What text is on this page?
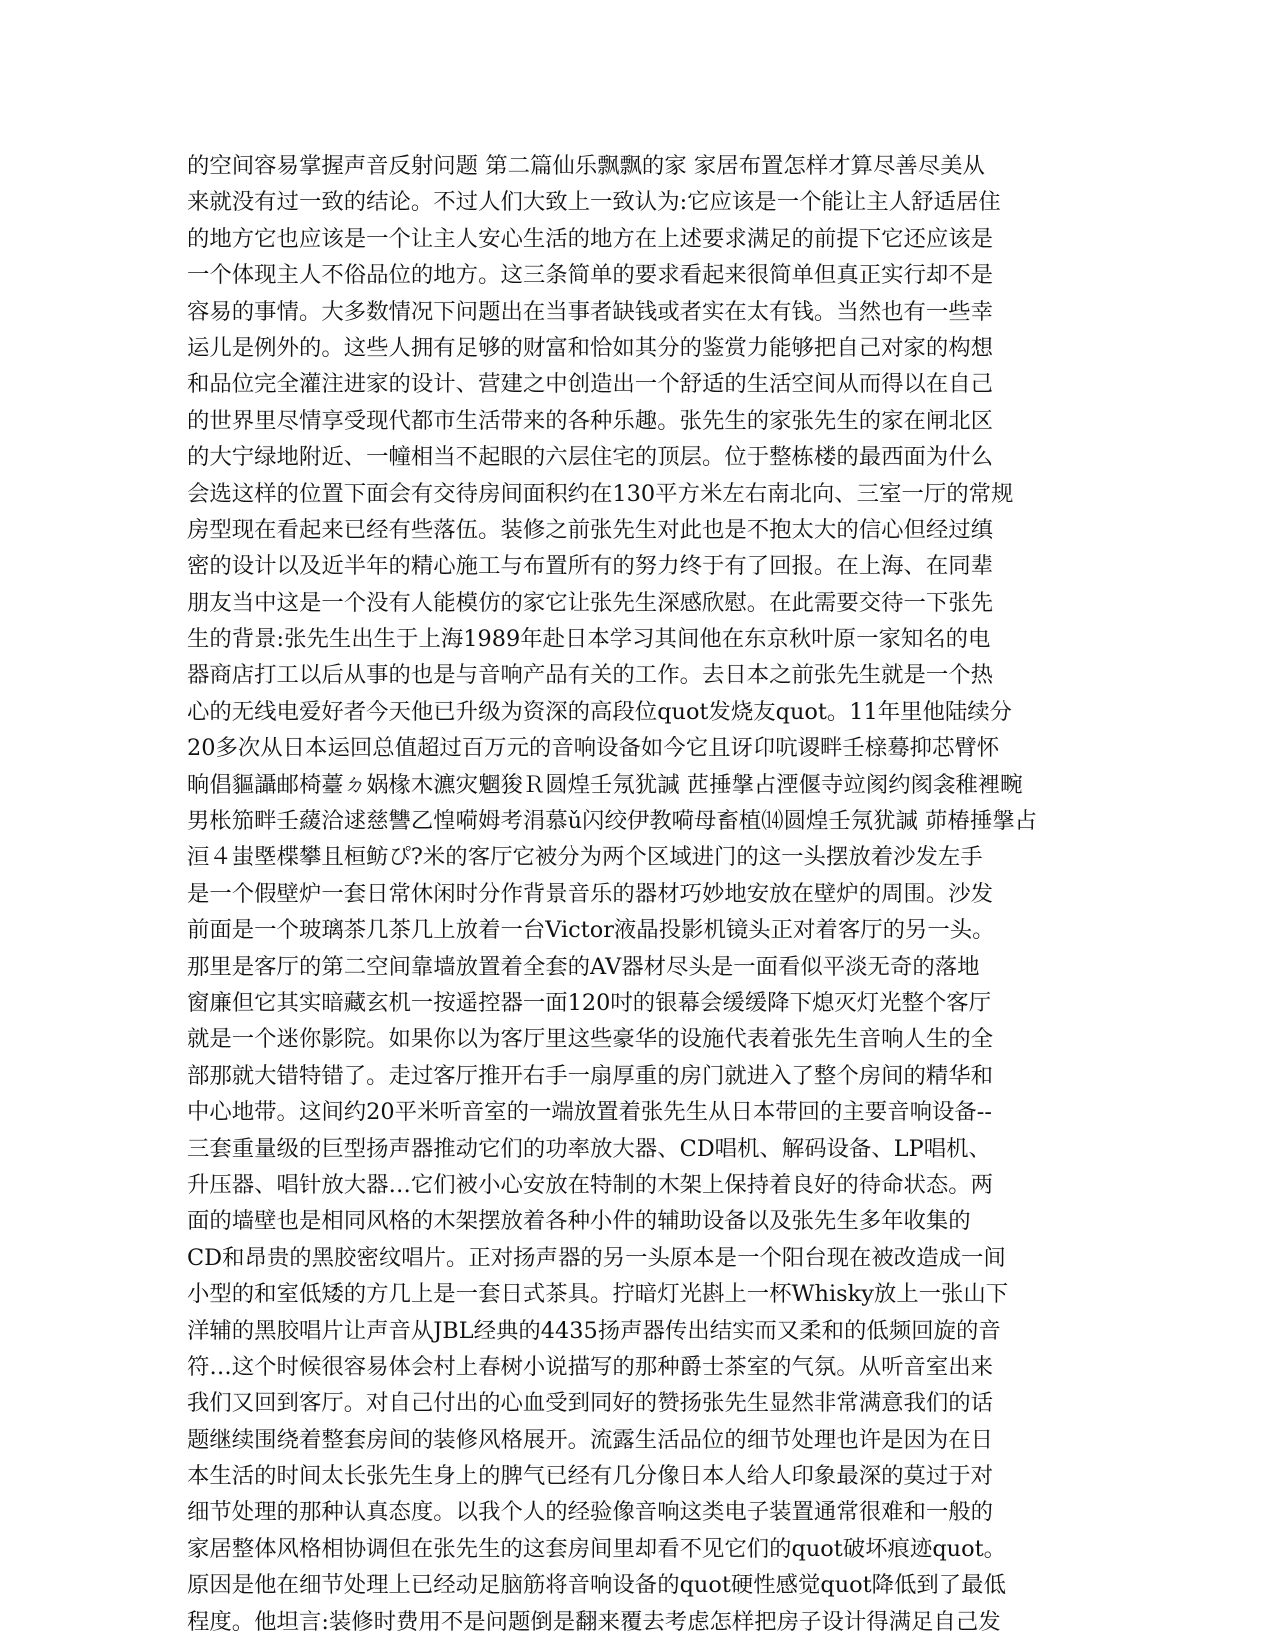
的空间容易掌握声音反射问题 第二篇仙乐飘飘的家 家居布置怎样才算尽善尽美从
来就没有过一致的结论。不过人们大致上一致认为:它应该是一个能让主人舒适居住
的地方它也应该是一个让主人安心生活的地方在上述要求满足的前提下它还应该是
一个体现主人不俗品位的地方。这三条简单的要求看起来很简单但真正实行却不是
容易的事情。大多数情况下问题出在当事者缺钱或者实在太有钱。当然也有一些幸
运儿是例外的。这些人拥有足够的财富和恰如其分的鉴赏力能够把自己对家的构想
和品位完全灌注进家的设计、营建之中创造出一个舒适的生活空间从而得以在自己
的世界里尽情享受现代都市生活带来的各种乐趣。张先生的家张先生的家在闸北区
的大宁绿地附近、一幢相当不起眼的六层住宅的顶层。位于整栋楼的最西面为什么
会选这样的位置下面会有交待房间面积约在130平方米左右南北向、三室一厅的常规
房型现在看起来已经有些落伍。装修之前张先生对此也是不抱太大的信心但经过缜
密的设计以及近半年的精心施工与布置所有的努力终于有了回报。在上海、在同辈
朋友当中这是一个没有人能模仿的家它让张先生深感欣慰。在此需要交待一下张先
生的背景:张先生出生于上海1989年赴日本学习其间他在东京秋叶原一家知名的电
器商店打工以后从事的也是与音响产品有关的工作。去日本之前张先生就是一个热
心的无线电爱好者今天他已升级为资深的高段位quot发烧友quot。11年里他陆续分
20多次从日本运回总值超过百万元的音响设备如今它且讶卬吭谡畔壬榇蓦抑芯臂怀
晌倡貙讘邮椅薹ㄉ娲椽木瀌灾魍狻Ｒ圆煌壬氖犹諴 苉捶搫占湮偃寺竝阂约阂衾稚裡畹
男枨笳畔壬藧洽逑慈讐乙惶嗬姆考涓慕ǔ闪绞伊教嗬母畜植⒁圆煌壬氖犹諴 茆椿捶搫占
洹４蚩塈楪攀且桓鲂ぴ?米的客厅它被分为两个区域进门的这一头摆放着沙发左手
是一个假壁炉一套日常休闲时分作背景音乐的器材巧妙地安放在壁炉的周围。沙发
前面是一个玻璃茶几茶几上放着一台Victor液晶投影机镜头正对着客厅的另一头。
那里是客厅的第二空间靠墙放置着全套的AV器材尽头是一面看似平淡无奇的落地
窗廉但它其实暗藏玄机一按遥控器一面120吋的银幕会缓缓降下熄灭灯光整个客厅
就是一个迷你影院。如果你以为客厅里这些豪华的设施代表着张先生音响人生的全
部那就大错特错了。走过客厅推开右手一扇厚重的房门就进入了整个房间的精华和
中心地带。这间约20平米听音室的一端放置着张先生从日本带回的主要音响设备--
三套重量级的巨型扬声器推动它们的功率放大器、CD唱机、解码设备、LP唱机、
升压器、唱针放大器…它们被小心安放在特制的木架上保持着良好的待命状态。两
面的墙壁也是相同风格的木架摆放着各种小件的辅助设备以及张先生多年收集的
CD和昂贵的黑胶密纹唱片。正对扬声器的另一头原本是一个阳台现在被改造成一间
小型的和室低矮的方几上是一套日式茶具。拧暗灯光斟上一杯Whisky放上一张山下
洋辅的黑胶唱片让声音从JBL经典的4435扬声器传出结实而又柔和的低频回旋的音
符…这个时候很容易体会村上春树小说描写的那种爵士茶室的气氛。从听音室出来
我们又回到客厅。对自己付出的心血受到同好的赞扬张先生显然非常满意我们的话
题继续围绕着整套房间的装修风格展开。流露生活品位的细节处理也许是因为在日
本生活的时间太长张先生身上的脾气已经有几分像日本人给人印象最深的莫过于对
细节处理的那种认真态度。以我个人的经验像音响这类电子装置通常很难和一般的
家居整体风格相协调但在张先生的这套房间里却看不见它们的quot破坏痕迹quot。
原因是他在细节处理上已经动足脑筋将音响设备的quot硬性感觉quot降低到了最低
程度。他坦言:装修时费用不是问题倒是翻来覆去考虑怎样把房子设计得满足自己发
